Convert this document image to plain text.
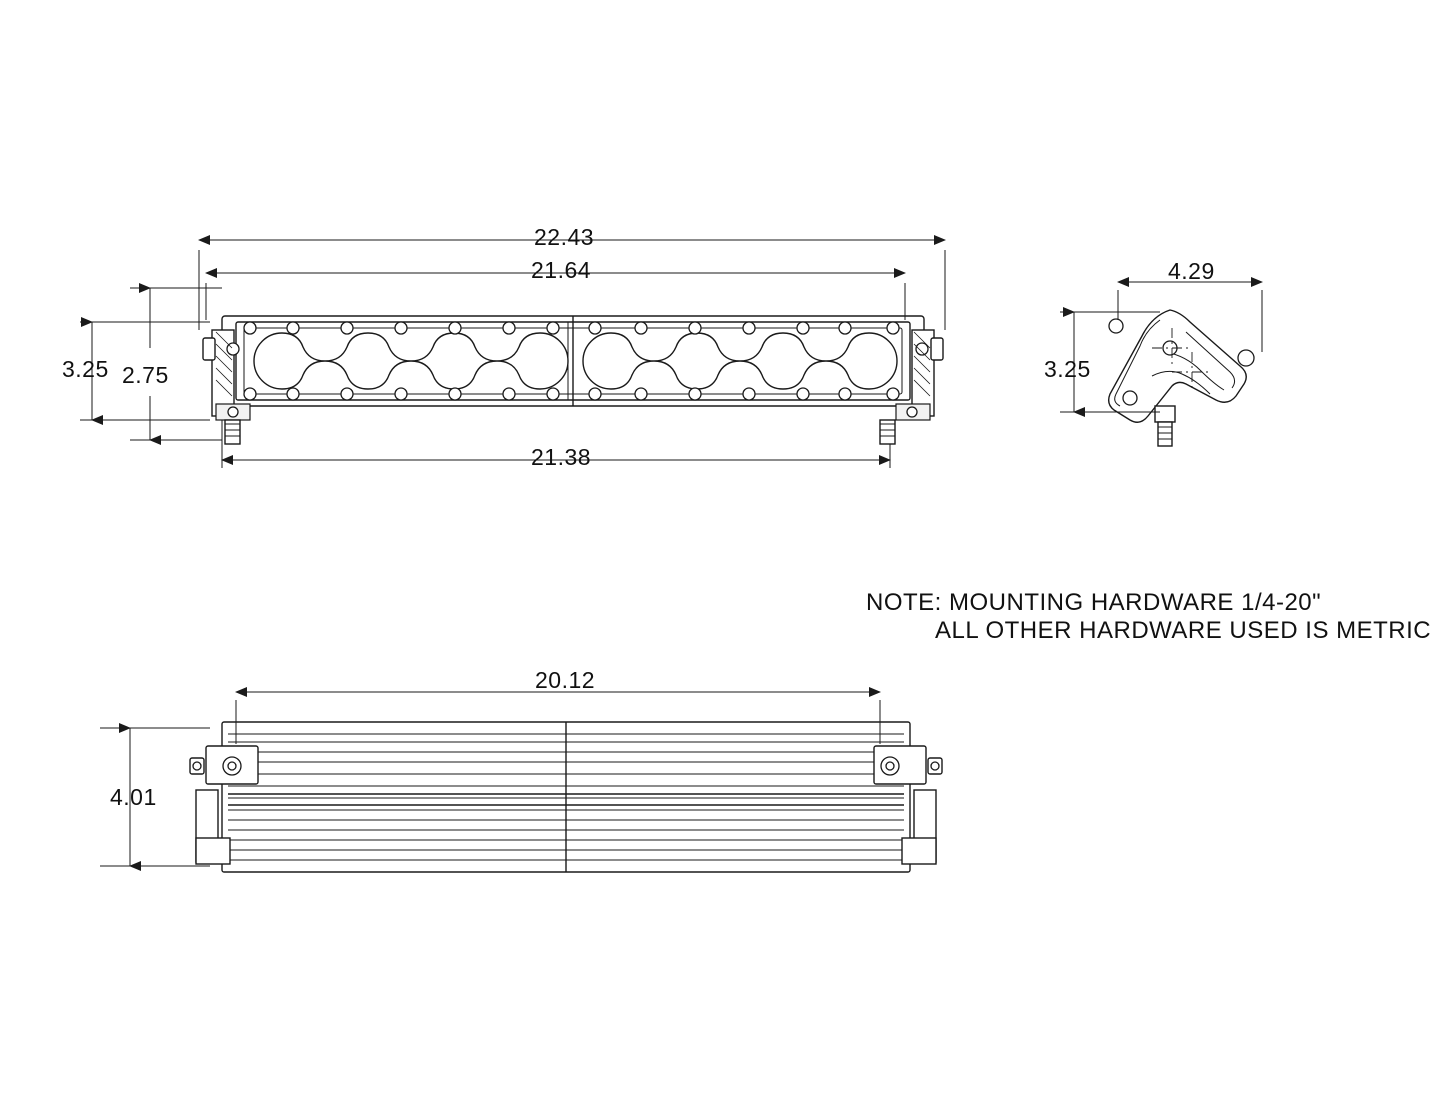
22.43
21.64
21.38
3.25 2.75
4.29
3.25
20.12
4.01
NOTE: MOUNTING HARDWARE 1/4-20"
ALL OTHER HARDWARE USED IS METRIC
